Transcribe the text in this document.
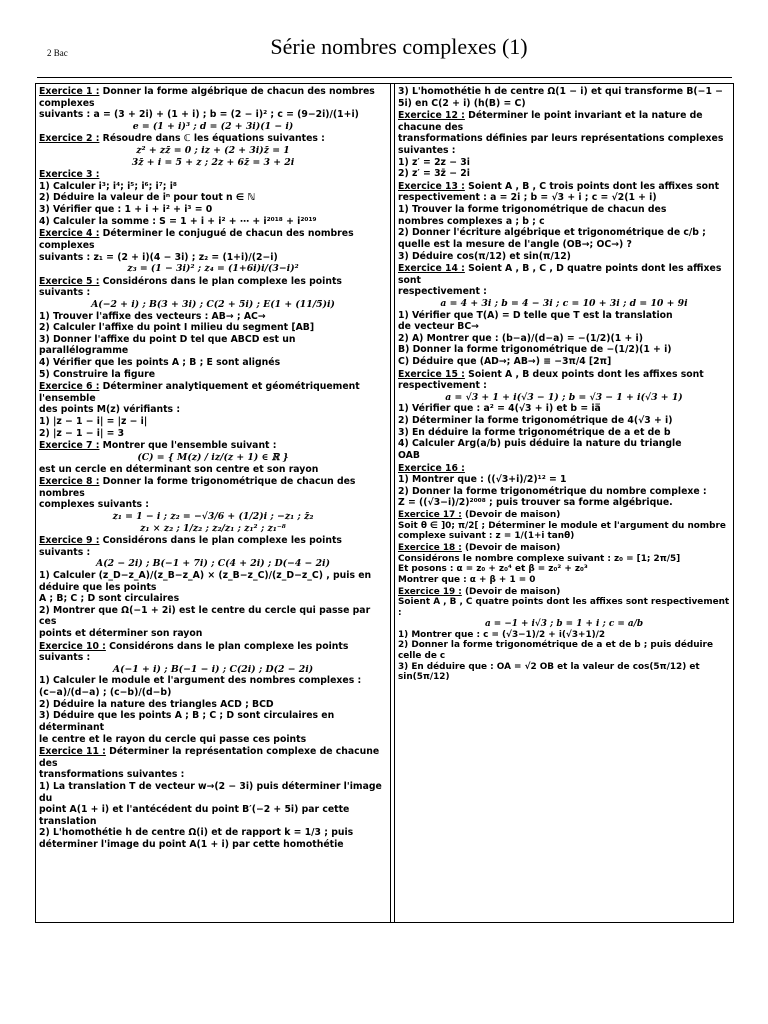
2 Bac	Série nombres complexes (1)
Exercice 1 : Donner la forme algébrique de chacun des nombres complexes
suivants : a = (3 + 2i) + (1 + i) ; b = (2 − i)² ; c = (9−2i)/(1+i)
e = (1 + i)³ ; d = (2 + 3i)(1 − i)
Exercice 2 : Résoudre dans ℂ les équations suivantes :
z² + zz̄ = 0 ; iz + (2 + 3i)z̄ = 1
3z̄ + i = 5 + z ; 2z + 6z̄ = 3 + 2i
Exercice 3 :
1) Calculer i³; i⁴; i⁵; i⁶; i⁷; i⁸
2) Déduire la valeur de iⁿ pour tout n ∈ ℕ
3) Vérifier que : 1 + i + i² + i³ = 0
4) Calculer la somme : S = 1 + i + i² + ⋯ + i²⁰¹⁸ + i²⁰¹⁹
Exercice 4 : Déterminer le conjugué de chacun des nombres complexes
suivants : z₁ = (2 + i)(4 − 3i) ; z₂ = (1+i)/(2−i)
z₃ = (1 − 3i)² ; z₄ = (1+6i)i/(3−i)²
Exercice 5 : Considérons dans le plan complexe les points suivants :
A(−2 + i) ; B(3 + 3i) ; C(2 + 5i) ; E(1 + (11/5)i)
1) Trouver l'affixe des vecteurs : AB→ ; AC→
2) Calculer l'affixe du point I milieu du segment [AB]
3) Donner l'affixe du point D tel que ABCD est un parallélogramme
4) Vérifier que les points A ; B ; E sont alignés
5) Construire la figure
Exercice 6 : Déterminer analytiquement et géométriquement l'ensemble
des points M(z) vérifiants :
1) |z − 1 − i| = |z − i|
2) |z − 1 − i| = 3
Exercice 7 : Montrer que l'ensemble suivant :
(C) = { M(z) / iz/(z + 1) ∈ ℝ }
est un cercle en déterminant son centre et son rayon
Exercice 8 : Donner la forme trigonométrique de chacun des nombres
complexes suivants :
z₁ = 1 − i ; z₂ = −√3/6 + (1/2)i ; −z₁ ; z̄₂
z₁ × z₂ ; 1/z₂ ; z₂/z₁ ; z₁² ; z₁⁻⁸
Exercice 9 : Considérons dans le plan complexe les points suivants :
A(2 − 2i) ; B(−1 + 7i) ; C(4 + 2i) ; D(−4 − 2i)
1) Calculer (z_D−z_A)/(z_B−z_A) × (z_B−z_C)/(z_D−z_C) , puis en déduire que les points
A ; B; C ; D sont circulaires
2) Montrer que Ω(−1 + 2i) est le centre du cercle qui passe par ces
points et déterminer son rayon
Exercice 10 : Considérons dans le plan complexe les points suivants :
A(−1 + i) ; B(−1 − i) ; C(2i) ; D(2 − 2i)
1) Calculer le module et l'argument des nombres complexes : (c−a)/(d−a) ; (c−b)/(d−b)
2) Déduire la nature des triangles ACD ; BCD
3) Déduire que les points A ; B ; C ; D sont circulaires en déterminant
le centre et le rayon du cercle qui passe ces points
Exercice 11 : Déterminer la représentation complexe de chacune des
transformations suivantes :
1) La translation T de vecteur w→(2 − 3i) puis déterminer l'image du
point A(1 + i) et l'antécédent du point B′(−2 + 5i) par cette
translation
2) L'homothétie h de centre Ω(i) et de rapport k = 1/3 ; puis
déterminer l'image du point A(1 + i) par cette homothétie
3) L'homothétie h de centre Ω(1 − i) et qui transforme B(−1 −
5i) en C(2 + i) (h(B) = C)
Exercice 12 : Déterminer le point invariant et la nature de chacune des
transformations définies par leurs représentations complexes
suivantes :
1) z′ = 2z − 3i
2) z′ = 3z̄ − 2i
Exercice 13 : Soient A , B , C trois points dont les affixes sont
respectivement : a = 2i ; b = √3 + i ; c = √2(1 + i)
1) Trouver la forme trigonométrique de chacun des
nombres complexes a ; b ; c
2) Donner l'écriture algébrique et trigonométrique de c/b ;
quelle est la mesure de l'angle (OB→; OC→) ?
3) Déduire cos(π/12) et sin(π/12)
Exercice 14 : Soient A , B , C , D quatre points dont les affixes sont
respectivement :
a = 4 + 3i ; b = 4 − 3i ; c = 10 + 3i ; d = 10 + 9i
1) Vérifier que T(A) = D telle que T est la translation
de vecteur BC→
2) A) Montrer que : (b−a)/(d−a) = −(1/2)(1 + i)
B) Donner la forme trigonométrique de −(1/2)(1 + i)
C) Déduire que (AD→; AB→) ≡ −3π/4 [2π]
Exercice 15 : Soient A , B deux points dont les affixes sont
respectivement :
a = √3 + 1 + i(√3 − 1) ; b = √3 − 1 + i(√3 + 1)
1) Vérifier que : a² = 4(√3 + i) et b = ia̅
2) Déterminer la forme trigonométrique de 4(√3 + i)
3) En déduire la forme trigonométrique de a et de b
4) Calculer Arg(a/b) puis déduire la nature du triangle
OAB
Exercice 16 :
1) Montrer que : ((√3+i)/2)¹² = 1
2) Donner la forme trigonométrique du nombre complexe :
Z = ((√3−i)/2)²⁰⁰⁸ ; puis trouver sa forme algébrique.
Exercice 17 : (Devoir de maison)
Soit θ ∈ ]0; π/2[ ; Déterminer le module et l'argument du nombre
complexe suivant : z = 1/(1+i tanθ)
Exercice 18 : (Devoir de maison)
Considérons le nombre complexe suivant : z₀ = [1; 2π/5]
Et posons : α = z₀ + z₀⁴ et β = z₀² + z₀³
Montrer que : α + β + 1 = 0
Exercice 19 : (Devoir de maison)
Soient A , B , C quatre points dont les affixes sont respectivement :
a = −1 + i√3 ; b = 1 + i ; c = a/b
1) Montrer que : c = (√3−1)/2 + i(√3+1)/2
2) Donner la forme trigonométrique de a et de b ; puis déduire
celle de c
3) En déduire que : OA = √2 OB et la valeur de cos(5π/12) et
sin(5π/12)
